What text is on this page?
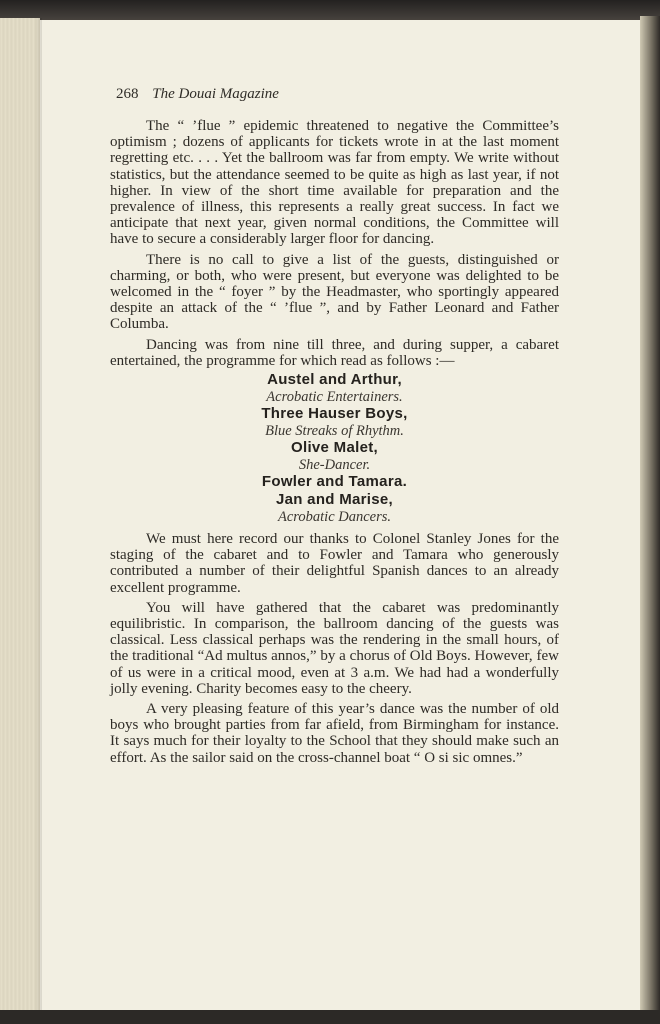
268 The Douai Magazine

The “ ’flue ” epidemic threatened to negative the Committee’s optimism ; dozens of applicants for tickets wrote in at the last moment regretting etc. . . . Yet the ballroom was far from empty. We write without statistics, but the attendance seemed to be quite as high as last year, if not higher. In view of the short time available for preparation and the prevalence of illness, this represents a really great success. In fact we anticipate that next year, given normal conditions, the Committee will have to secure a considerably larger floor for dancing.

There is no call to give a list of the guests, distinguished or charming, or both, who were present, but everyone was delighted to be welcomed in the “ foyer ” by the Headmaster, who sportingly appeared despite an attack of the “ ’flue ”, and by Father Leonard and Father Columba.

Dancing was from nine till three, and during supper, a cabaret entertained, the programme for which read as follows :—

Austel and Arthur,
Acrobatic Entertainers.
Three Hauser Boys,
Blue Streaks of Rhythm.
Olive Malet,
She-Dancer.
Fowler and Tamara.
Jan and Marise,
Acrobatic Dancers.

We must here record our thanks to Colonel Stanley Jones for the staging of the cabaret and to Fowler and Tamara who generously contributed a number of their delightful Spanish dances to an already excellent programme.

You will have gathered that the cabaret was predominantly equilibristic. In comparison, the ballroom dancing of the guests was classical. Less classical perhaps was the rendering in the small hours, of the traditional “Ad multus annos,” by a chorus of Old Boys. However, few of us were in a critical mood, even at 3 a.m. We had had a wonderfully jolly evening. Charity becomes easy to the cheery.

A very pleasing feature of this year’s dance was the number of old boys who brought parties from far afield, from Birmingham for instance. It says much for their loyalty to the School that they should make such an effort. As the sailor said on the cross-channel boat “ O si sic omnes.”
